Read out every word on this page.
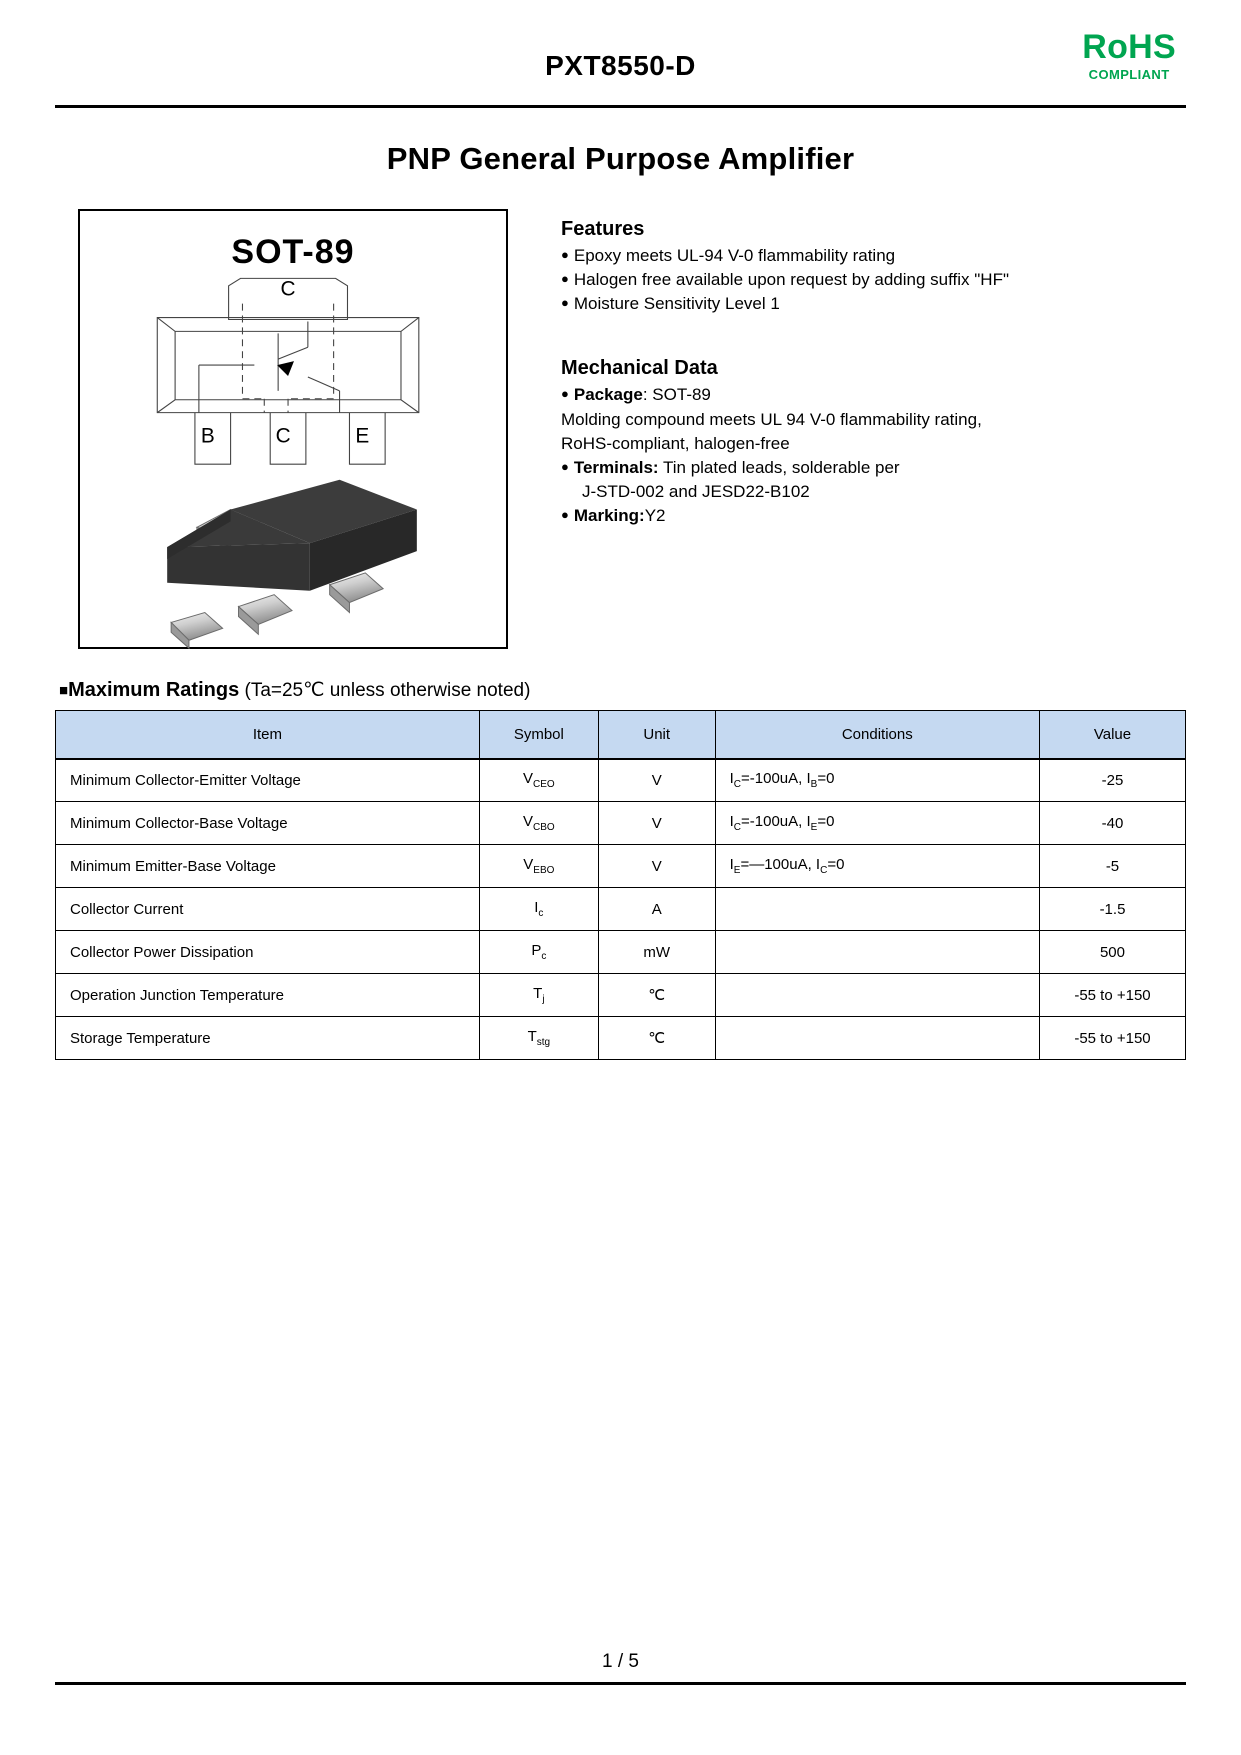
PXT8550-D	RoHS
COMPLIANT
PNP General Purpose Amplifier
SOT-89
C
B	C	E
Features
● Epoxy meets UL-94 V-0 flammability rating
● Halogen free available upon request by adding suffix "HF"
● Moisture Sensitivity Level 1
Mechanical Data
● Package: SOT-89
Molding compound meets UL 94 V-0 flammability rating,
RoHS-compliant, halogen-free
● Terminals: Tin plated leads, solderable per
J-STD-002 and JESD22-B102
● Marking:Y2
■Maximum Ratings (Ta=25℃ unless otherwise noted)
Item	Symbol	Unit	Conditions	Value
Minimum Collector-Emitter Voltage	$V_{CEO}$	V	$I_C=-100uA$, $I_B=0$	-25
Minimum Collector-Base Voltage	$V_{CBO}$	V	$I_C=-100uA$, $I_E=0$	-40
Minimum Emitter-Base Voltage	$V_{EBO}$	V	$I_E=—100uA$, $I_C=0$	-5
Collector Current	$I_c$	A		-1.5
Collector Power Dissipation	$P_c$	mW		500
Operation Junction Temperature	$T_j$	℃		-55 to +150
Storage Temperature	$T_{stg}$	℃		-55 to +150
1 / 5
